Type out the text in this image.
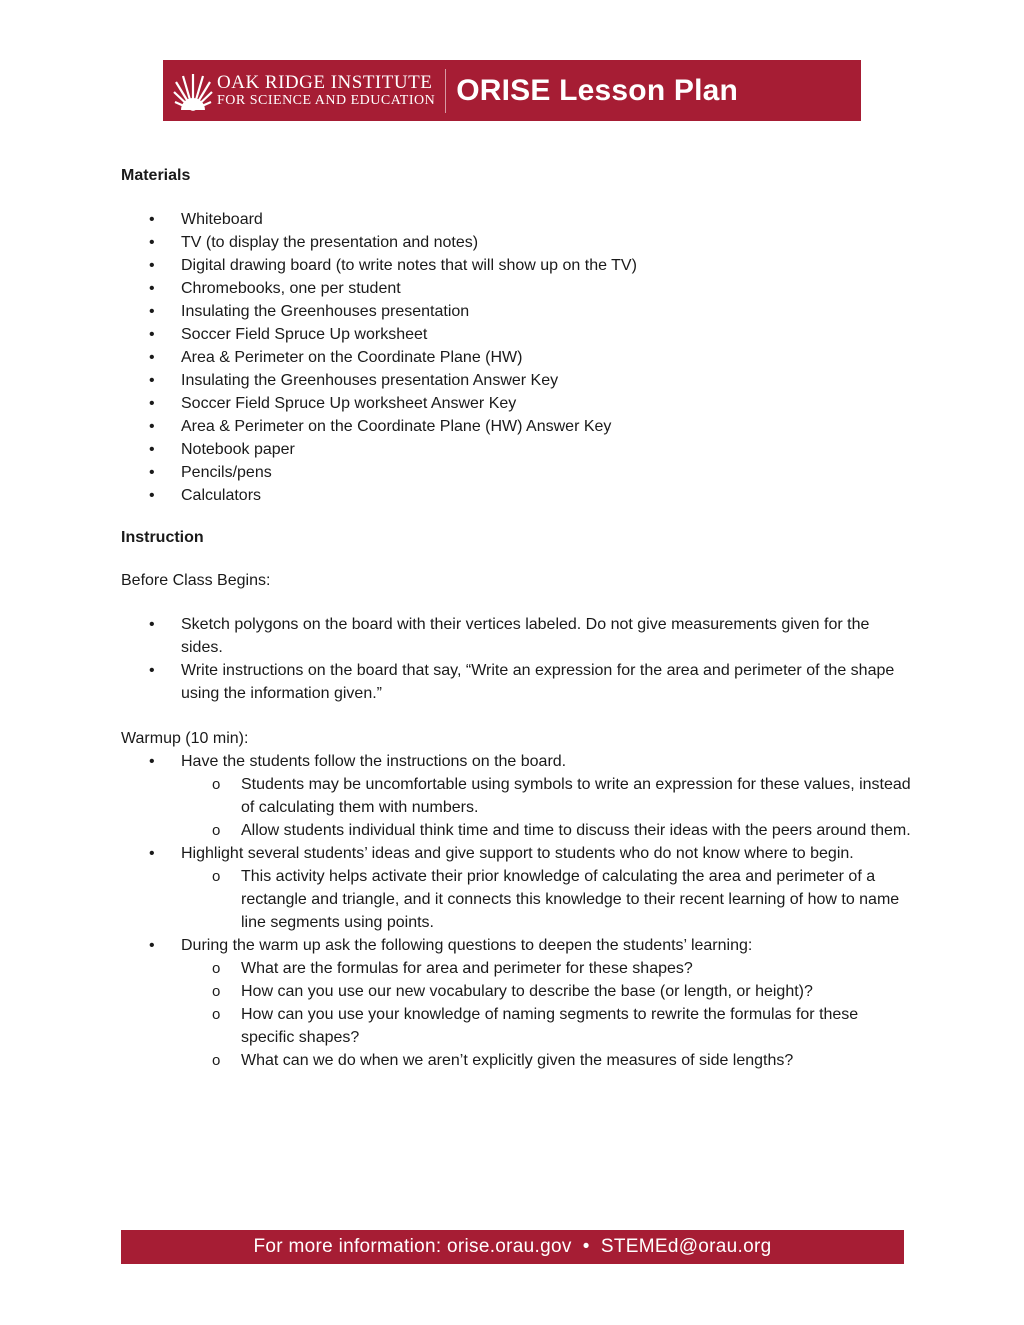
OAK RIDGE INSTITUTE
FOR SCIENCE AND EDUCATION ORISE Lesson Plan

Materials

• Whiteboard
• TV (to display the presentation and notes)
• Digital drawing board (to write notes that will show up on the TV)
• Chromebooks, one per student
• Insulating the Greenhouses presentation
• Soccer Field Spruce Up worksheet
• Area & Perimeter on the Coordinate Plane (HW)
• Insulating the Greenhouses presentation Answer Key
• Soccer Field Spruce Up worksheet Answer Key
• Area & Perimeter on the Coordinate Plane (HW) Answer Key
• Notebook paper
• Pencils/pens
• Calculators

Instruction

Before Class Begins:

• Sketch polygons on the board with their vertices labeled. Do not give measurements given for the sides.
• Write instructions on the board that say, “Write an expression for the area and perimeter of the shape using the information given.”

Warmup (10 min):

• Have the students follow the instructions on the board.
o Students may be uncomfortable using symbols to write an expression for these values, instead of calculating them with numbers.
o Allow students individual think time and time to discuss their ideas with the peers around them.
• Highlight several students’ ideas and give support to students who do not know where to begin.
o This activity helps activate their prior knowledge of calculating the area and perimeter of a rectangle and triangle, and it connects this knowledge to their recent learning of how to name line segments using points.
• During the warm up ask the following questions to deepen the students’ learning:
o What are the formulas for area and perimeter for these shapes?
o How can you use our new vocabulary to describe the base (or length, or height)?
o How can you use your knowledge of naming segments to rewrite the formulas for these specific shapes?
o What can we do when we aren’t explicitly given the measures of side lengths?
For more information: orise.orau.gov  •  STEMEd@orau.org
